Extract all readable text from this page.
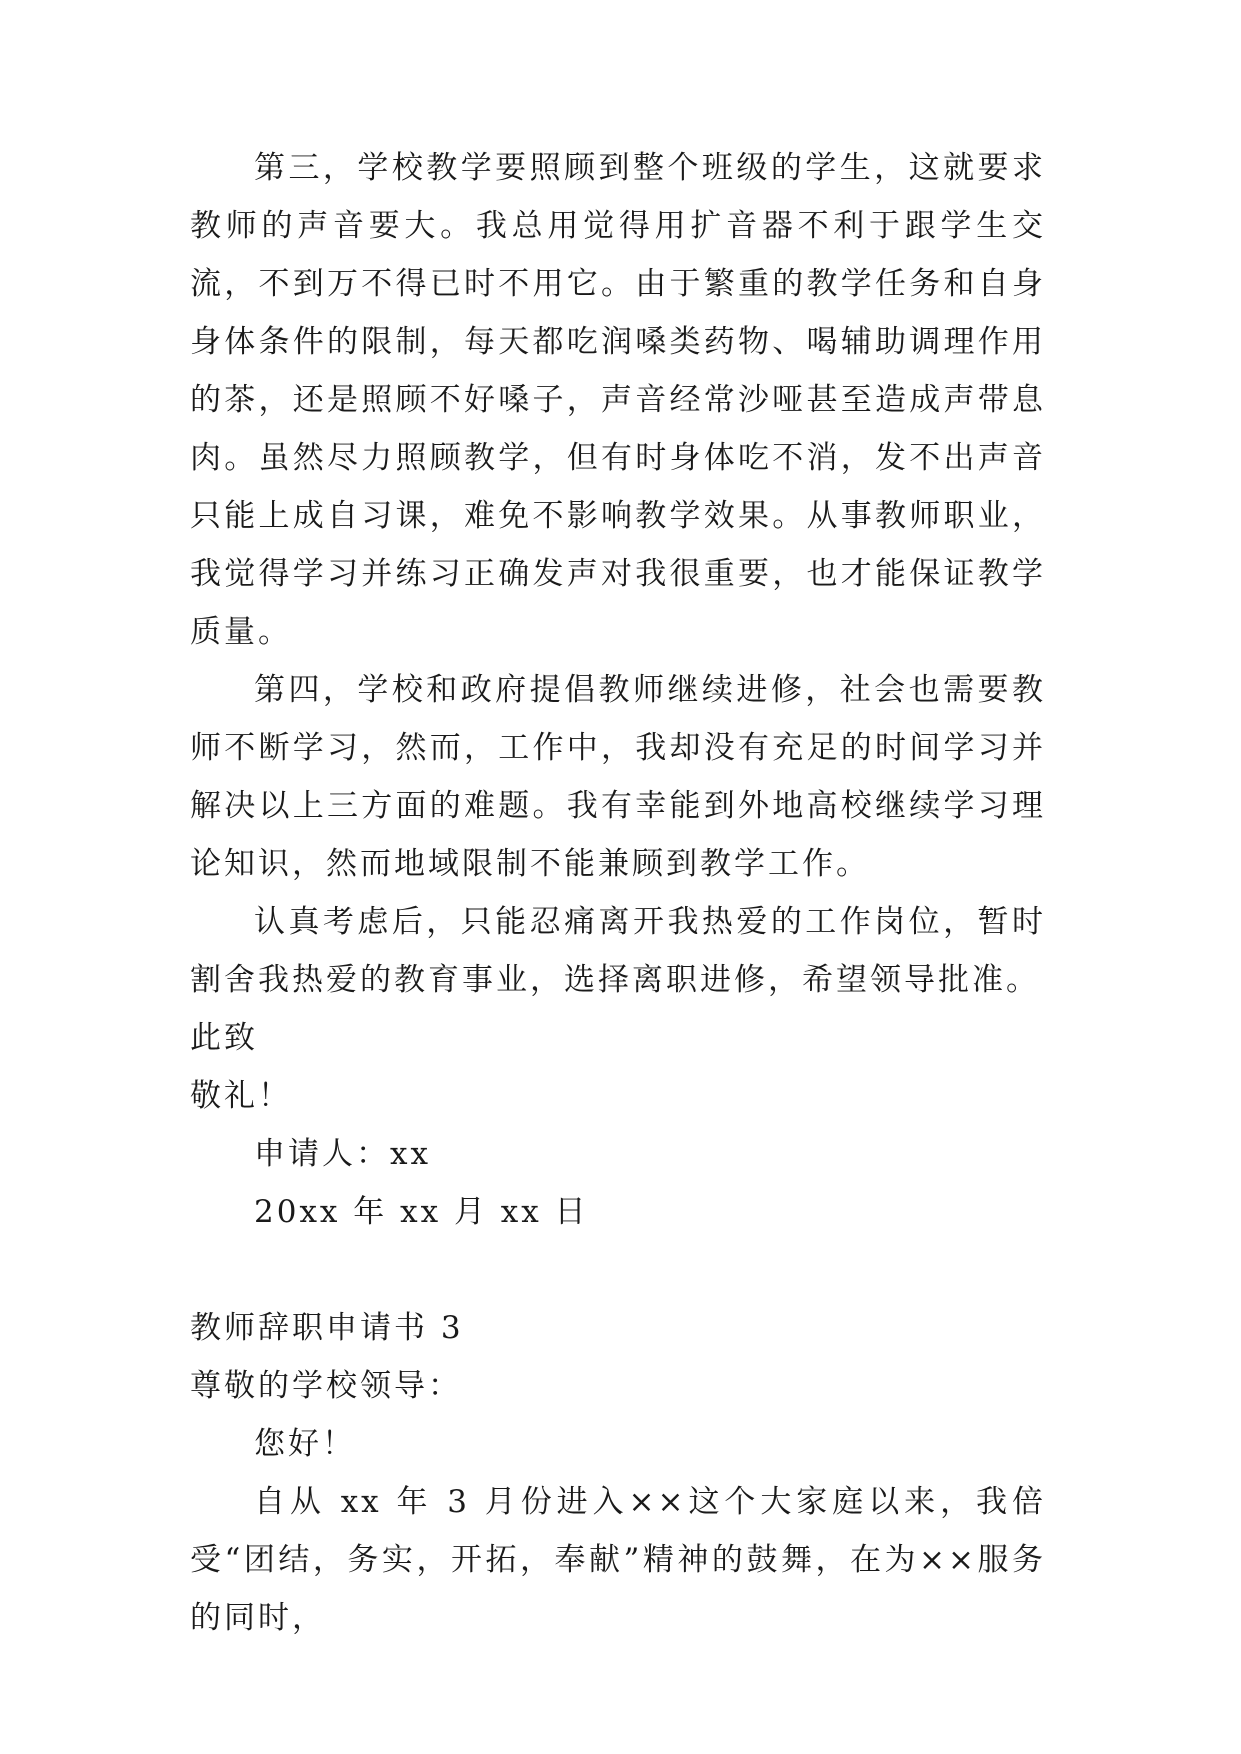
第三，学校教学要照顾到整个班级的学生，这就要求教师的声音要大。我总用觉得用扩音器不利于跟学生交流，不到万不得已时不用它。由于繁重的教学任务和自身身体条件的限制，每天都吃润嗓类药物、喝辅助调理作用的茶，还是照顾不好嗓子，声音经常沙哑甚至造成声带息肉。虽然尽力照顾教学，但有时身体吃不消，发不出声音只能上成自习课，难免不影响教学效果。从事教师职业，我觉得学习并练习正确发声对我很重要，也才能保证教学质量。

第四，学校和政府提倡教师继续进修，社会也需要教师不断学习，然而，工作中，我却没有充足的时间学习并解决以上三方面的难题。我有幸能到外地高校继续学习理论知识，然而地域限制不能兼顾到教学工作。

认真考虑后，只能忍痛离开我热爱的工作岗位，暂时割舍我热爱的教育事业，选择离职进修，希望领导批准。

此致

敬礼！

申请人：xx

20xx 年 xx 月 xx 日

教师辞职申请书 3

尊敬的学校领导：

您好！

自从 xx 年 3 月份进入××这个大家庭以来，我倍受“团结，务实，开拓，奉献”精神的鼓舞，在为××服务的同时，
